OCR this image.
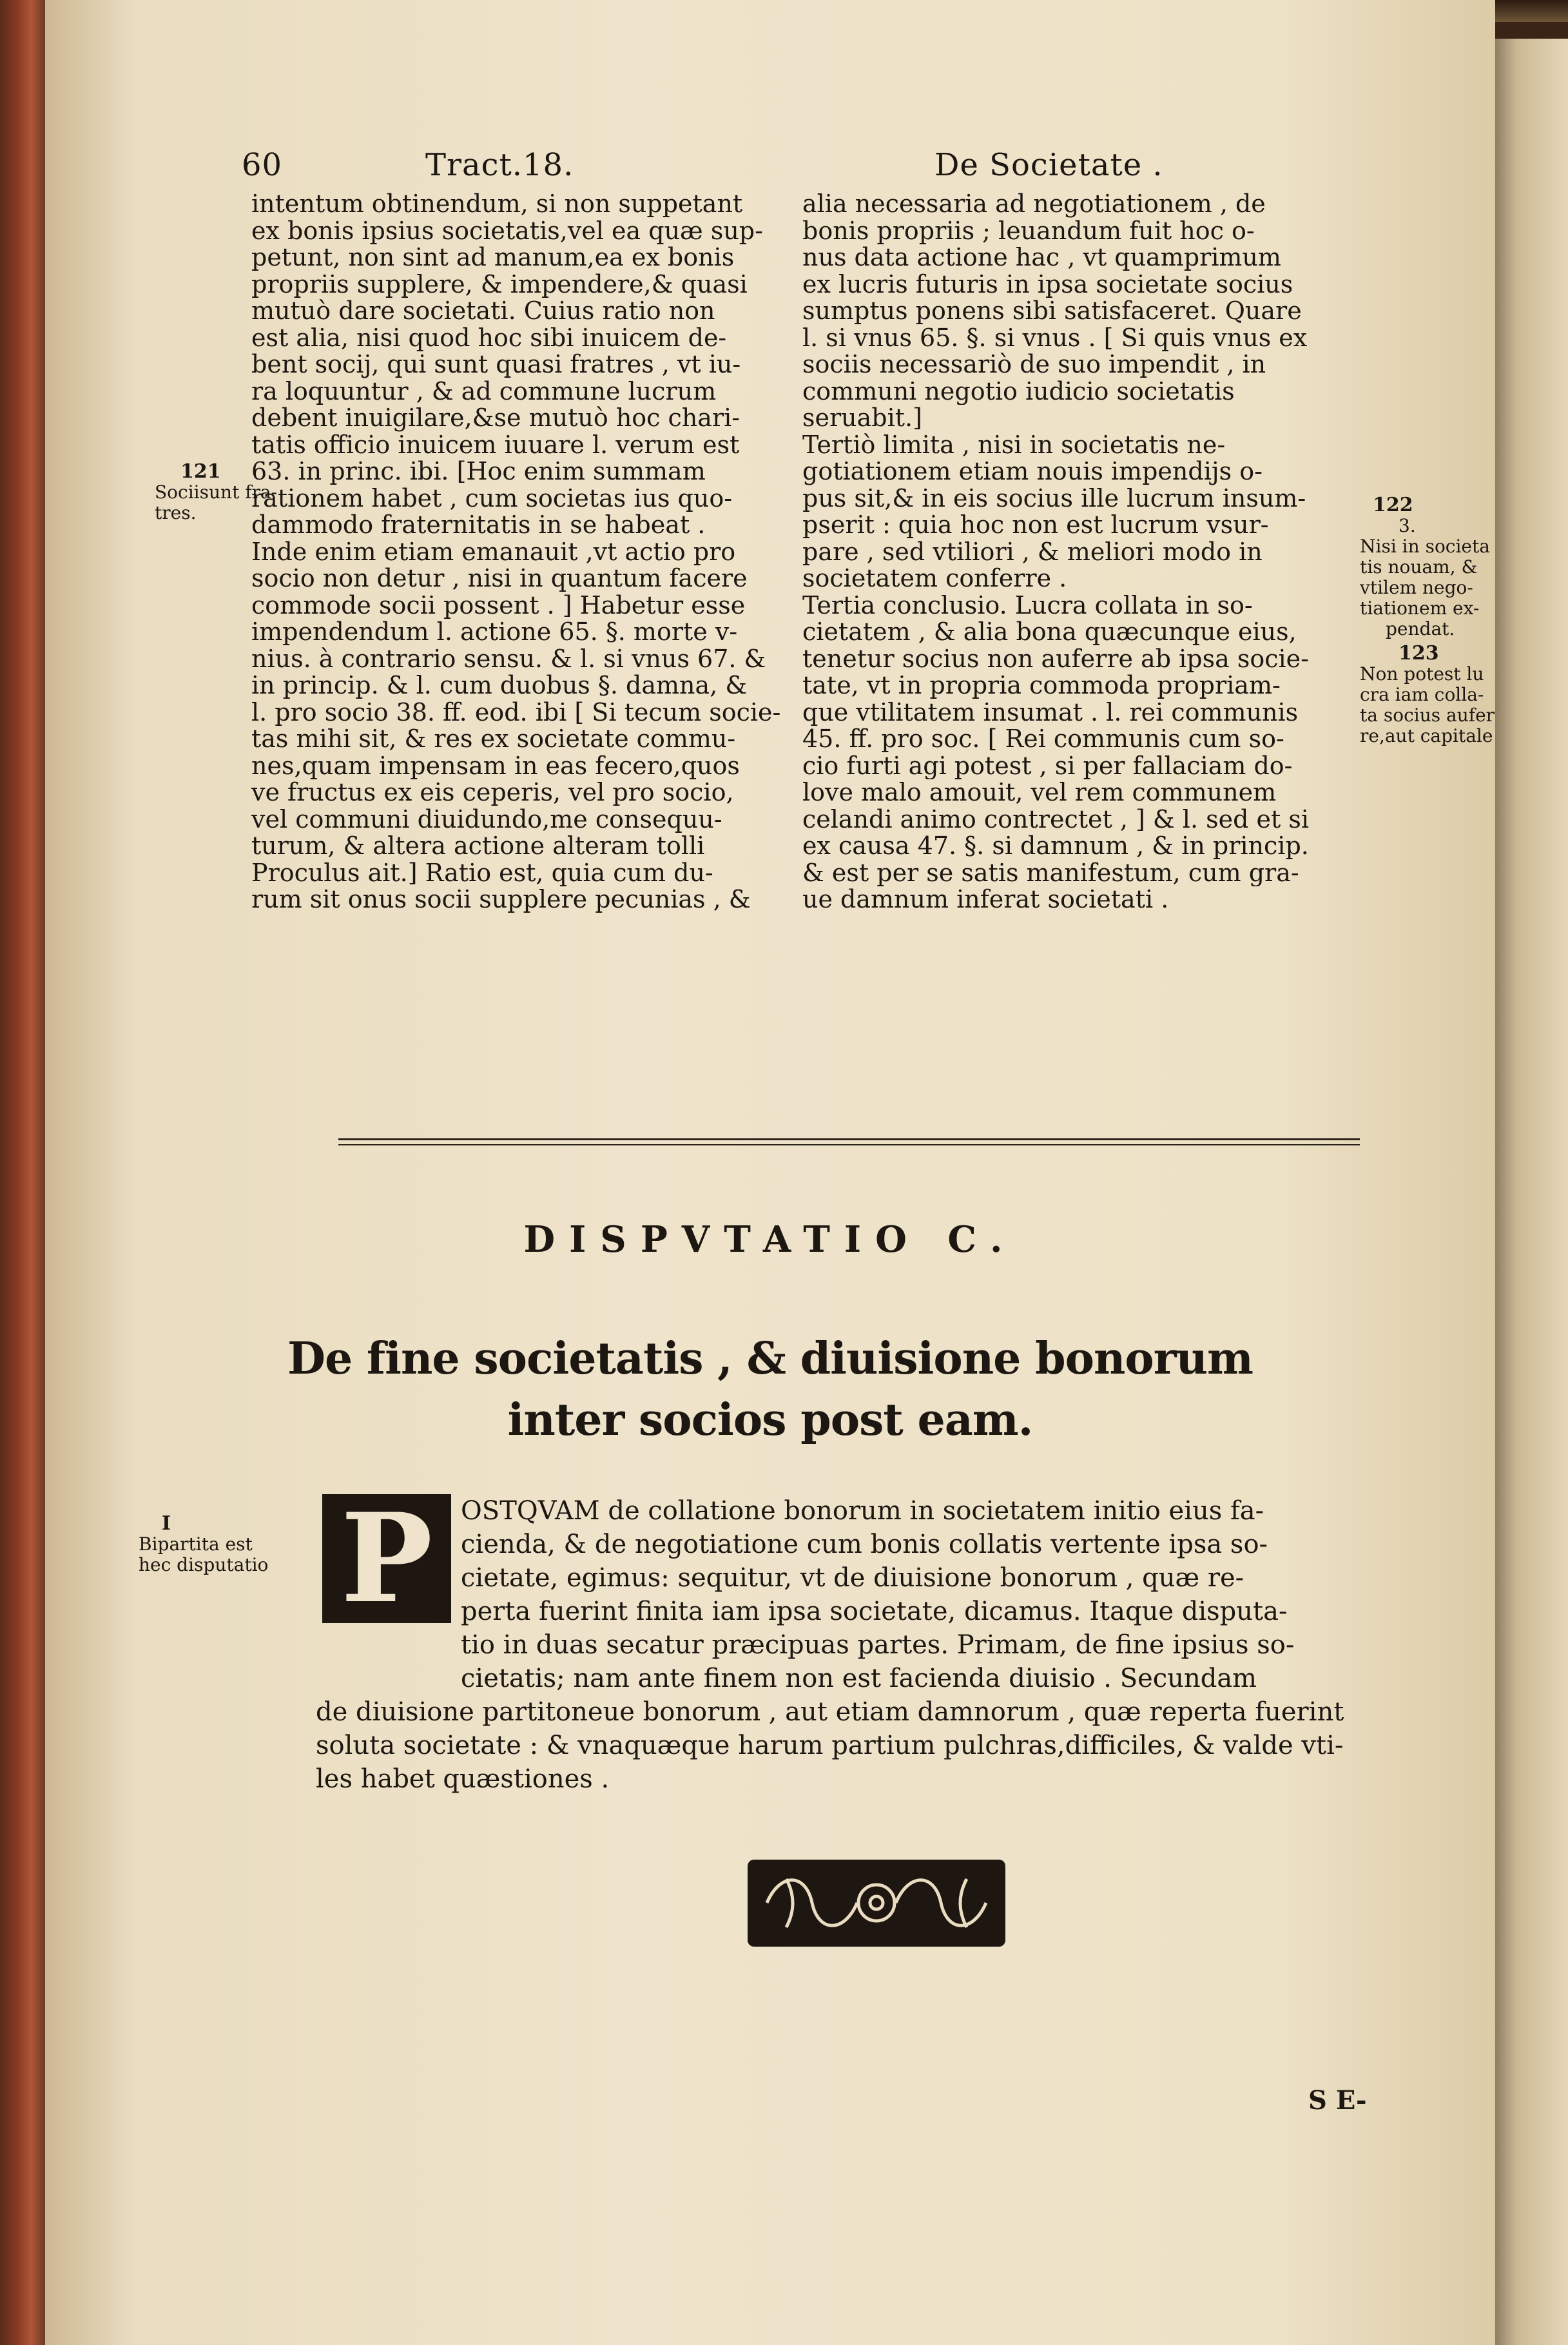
60	Tract.18.	De Societate .
intentum obtinendum, si non suppetant
ex bonis ipsius societatis,vel ea quæ sup-
petunt, non sint ad manum,ea ex bonis
propriis supplere, & impendere,& quasi
mutuò dare societati. Cuius ratio non
est alia, nisi quod hoc sibi inuicem de-
bent socij, qui sunt quasi fratres , vt iu-
ra loquuntur , & ad commune lucrum
debent inuigilare,&se mutuò hoc chari-
tatis officio inuicem iuuare l. verum est
63. in princ. ibi. [Hoc enim summam
rationem habet , cum societas ius quo-
dammodo fraternitatis in se habeat .
Inde enim etiam emanauit ,vt actio pro
socio non detur , nisi in quantum facere
commode socii possent . ] Habetur esse
impendendum l. actione 65. §. morte v-
nius. à contrario sensu. & l. si vnus 67. &
in princip. & l. cum duobus §. damna, &
l. pro socio 38. ff. eod. ibi [ Si tecum socie-
tas mihi sit, & res ex societate commu-
nes,quam impensam in eas fecero,quos
ve fructus ex eis ceperis, vel pro socio,
vel communi diuidundo,me consequu-
turum, & altera actione alteram tolli
Proculus ait.] Ratio est, quia cum du-
rum sit onus socii supplere pecunias , &
alia necessaria ad negotiationem , de
bonis propriis ; leuandum fuit hoc o-
nus data actione hac , vt quamprimum
ex lucris futuris in ipsa societate socius
sumptus ponens sibi satisfaceret. Quare
l. si vnus 65. §. si vnus . [ Si quis vnus ex
sociis necessariò de suo impendit , in
communi negotio iudicio societatis
seruabit.]
Tertiò limita , nisi in societatis ne-
gotiationem etiam nouis impendijs o-
pus sit,& in eis socius ille lucrum insum-
pserit : quia hoc non est lucrum vsur-
pare , sed vtiliori , & meliori modo in
societatem conferre .
Tertia conclusio. Lucra collata in so-
cietatem , & alia bona quæcunque eius,
tenetur socius non auferre ab ipsa socie-
tate, vt in propria commoda propriam-
que vtilitatem insumat . l. rei communis
45. ff. pro soc. [ Rei communis cum so-
cio furti agi potest , si per fallaciam do-
love malo amouit, vel rem communem
celandi animo contrectet , ] & l. sed et si
ex causa 47. §. si damnum , & in princip.
& est per se satis manifestum, cum gra-
ue damnum inferat societati .
121
Sociisunt fra-
tres.	122
3.
Nisi in societa
tis nouam, &
vtilem nego-
tiationem ex-
pendat.
123
Non potest lu
cra iam colla-
ta socius aufer
re,aut capitale
DISPVTATIO C.
De fine societatis , & diuisione bonorum
inter socios post eam.
I
Bipartita est
hec disputatio P	OSTQVAM de collatione bonorum in societatem initio eius fa-
cienda, & de negotiatione cum bonis collatis vertente ipsa so-
cietate, egimus: sequitur, vt de diuisione bonorum , quæ re-
perta fuerint finita iam ipsa societate, dicamus. Itaque disputa-
tio in duas secatur præcipuas partes. Primam, de fine ipsius so-
cietatis; nam ante finem non est facienda diuisio . Secundam
de diuisione partitoneue bonorum , aut etiam damnorum , quæ reperta fuerint
soluta societate : & vnaquæque harum partium pulchras,difficiles, & valde vti-
les habet quæstiones .
S E-
